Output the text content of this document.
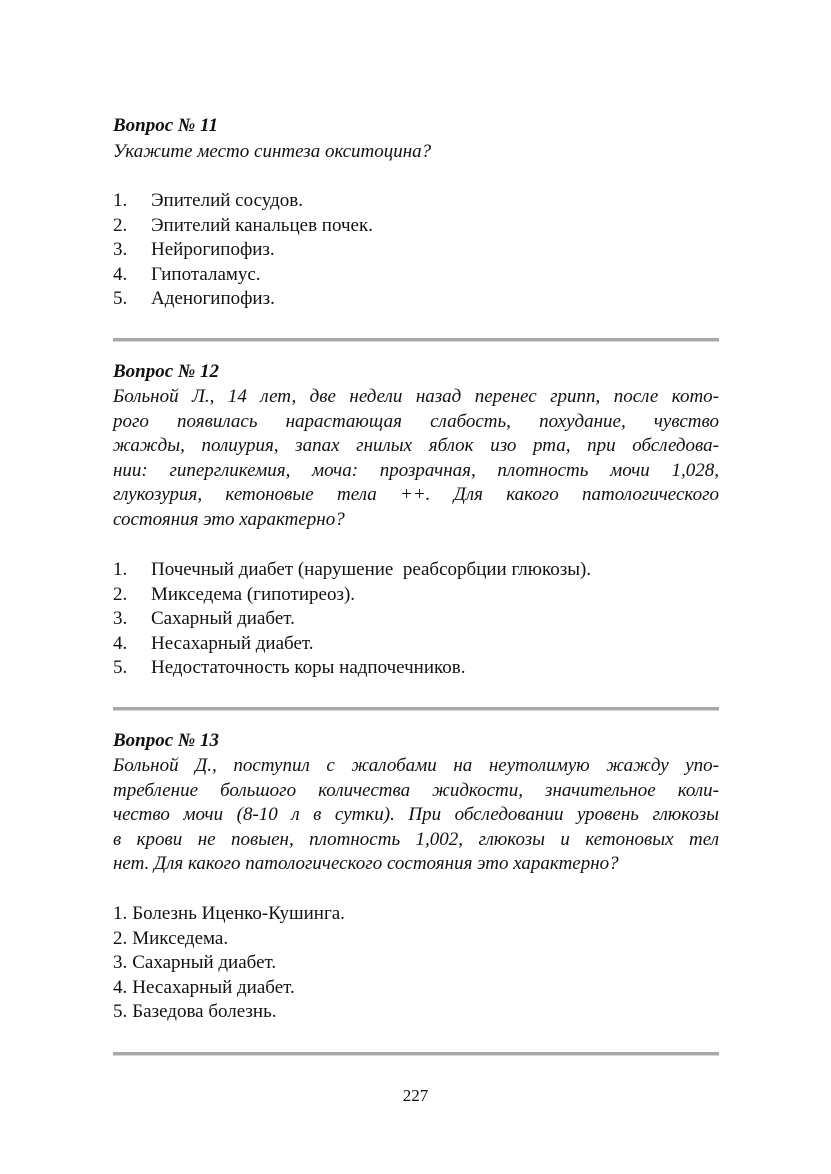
Вопрос № 11
Укажите место синтеза окситоцина?
1. Эпителий сосудов.
2. Эпителий канальцев почек.
3. Нейрогипофиз.
4. Гипоталамус.
5. Аденогипофиз.
Вопрос № 12
Больной Л., 14 лет, две недели назад перенес грипп, после кото-
рого появилась нарастающая слабость, похудание, чувство
жажды, полиурия, запах гнилых яблок изо рта, при обследова-
нии: гипергликемия, моча: прозрачная, плотность мочи 1,028,
глукозурия, кетоновые тела ++. Для какого патологического
состояния это характерно?
1. Почечный диабет (нарушение  реабсорбции глюкозы).
2. Микседема (гипотиреоз).
3. Сахарный диабет.
4. Несахарный диабет.
5. Недостаточность коры надпочечников.
Вопрос № 13
Больной Д., поступил с жалобами на неутолимую жажду упо-
требление большого количества жидкости, значительное коли-
чество мочи (8-10 л в сутки). При обследовании уровень глюкозы
в крови не повыен, плотность 1,002, глюкозы и кетоновых тел
нет. Для какого патологического состояния это характерно?
1. Болезнь Иценко-Кушинга.
2. Микседема.
3. Сахарный диабет.
4. Несахарный диабет.
5. Базедова болезнь.
227
